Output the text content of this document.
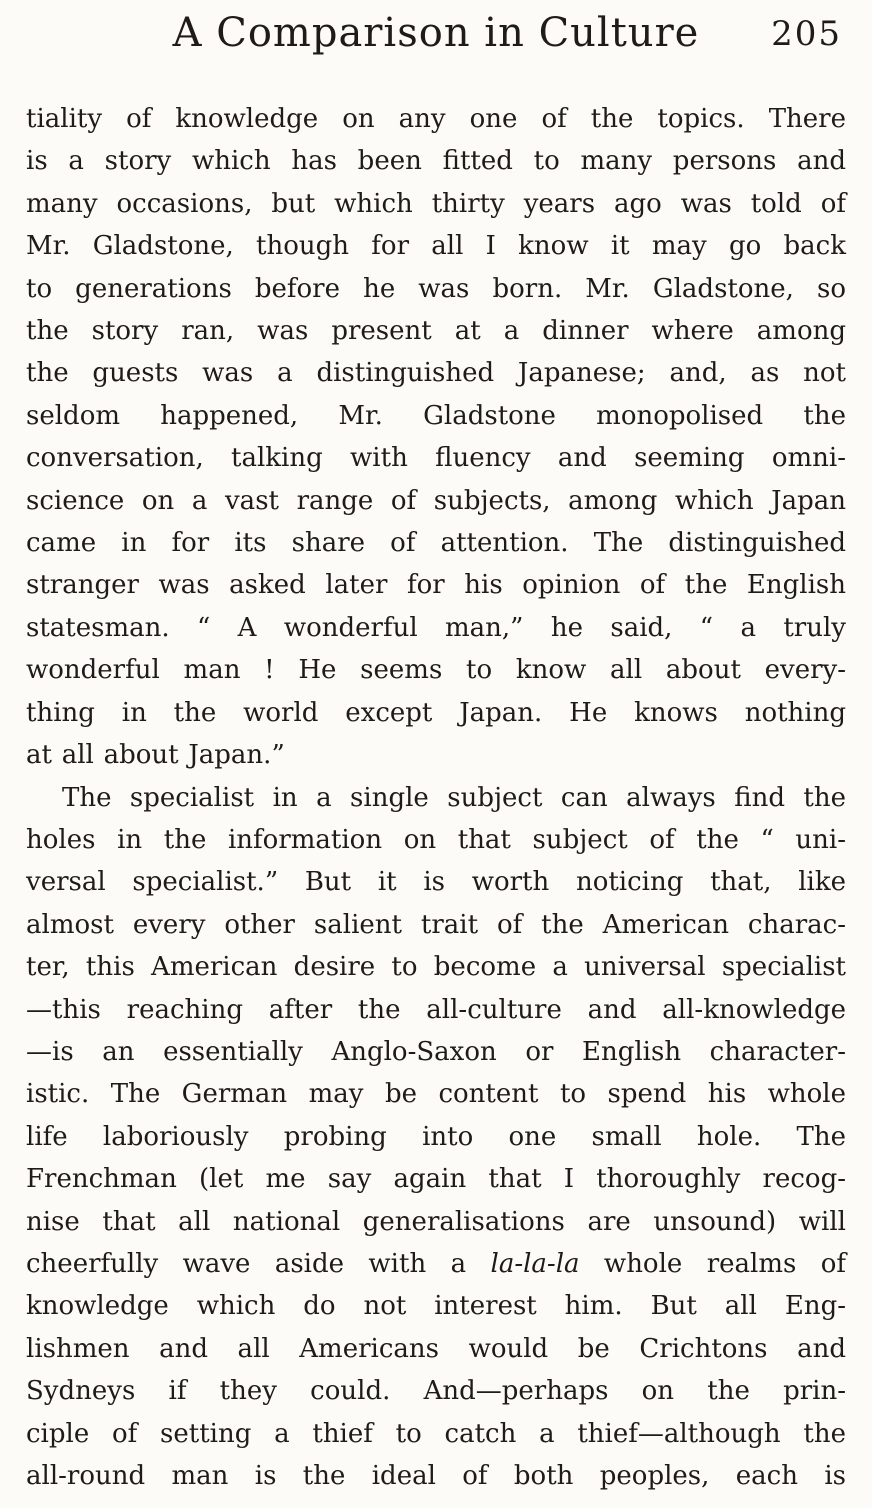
A Comparison in Culture	205
tiality of knowledge on any one of the topics. There
is a story which has been fitted to many persons and
many occasions, but which thirty years ago was told of
Mr. Gladstone, though for all I know it may go back
to generations before he was born. Mr. Gladstone, so
the story ran, was present at a dinner where among
the guests was a distinguished Japanese; and, as not
seldom happened, Mr. Gladstone monopolised the
conversation, talking with fluency and seeming omni-
science on a vast range of subjects, among which Japan
came in for its share of attention. The distinguished
stranger was asked later for his opinion of the English
statesman. “ A wonderful man,” he said, “ a truly
wonderful man ! He seems to know all about every-
thing in the world except Japan. He knows nothing
at all about Japan.”
The specialist in a single subject can always find the
holes in the information on that subject of the “ uni-
versal specialist.” But it is worth noticing that, like
almost every other salient trait of the American charac-
ter, this American desire to become a universal specialist
—this reaching after the all-culture and all-knowledge
—is an essentially Anglo-Saxon or English character-
istic. The German may be content to spend his whole
life laboriously probing into one small hole. The
Frenchman (let me say again that I thoroughly recog-
nise that all national generalisations are unsound) will
cheerfully wave aside with a la-la-la whole realms of
knowledge which do not interest him. But all Eng-
lishmen and all Americans would be Crichtons and
Sydneys if they could. And—perhaps on the prin-
ciple of setting a thief to catch a thief—although the
all-round man is the ideal of both peoples, each is
